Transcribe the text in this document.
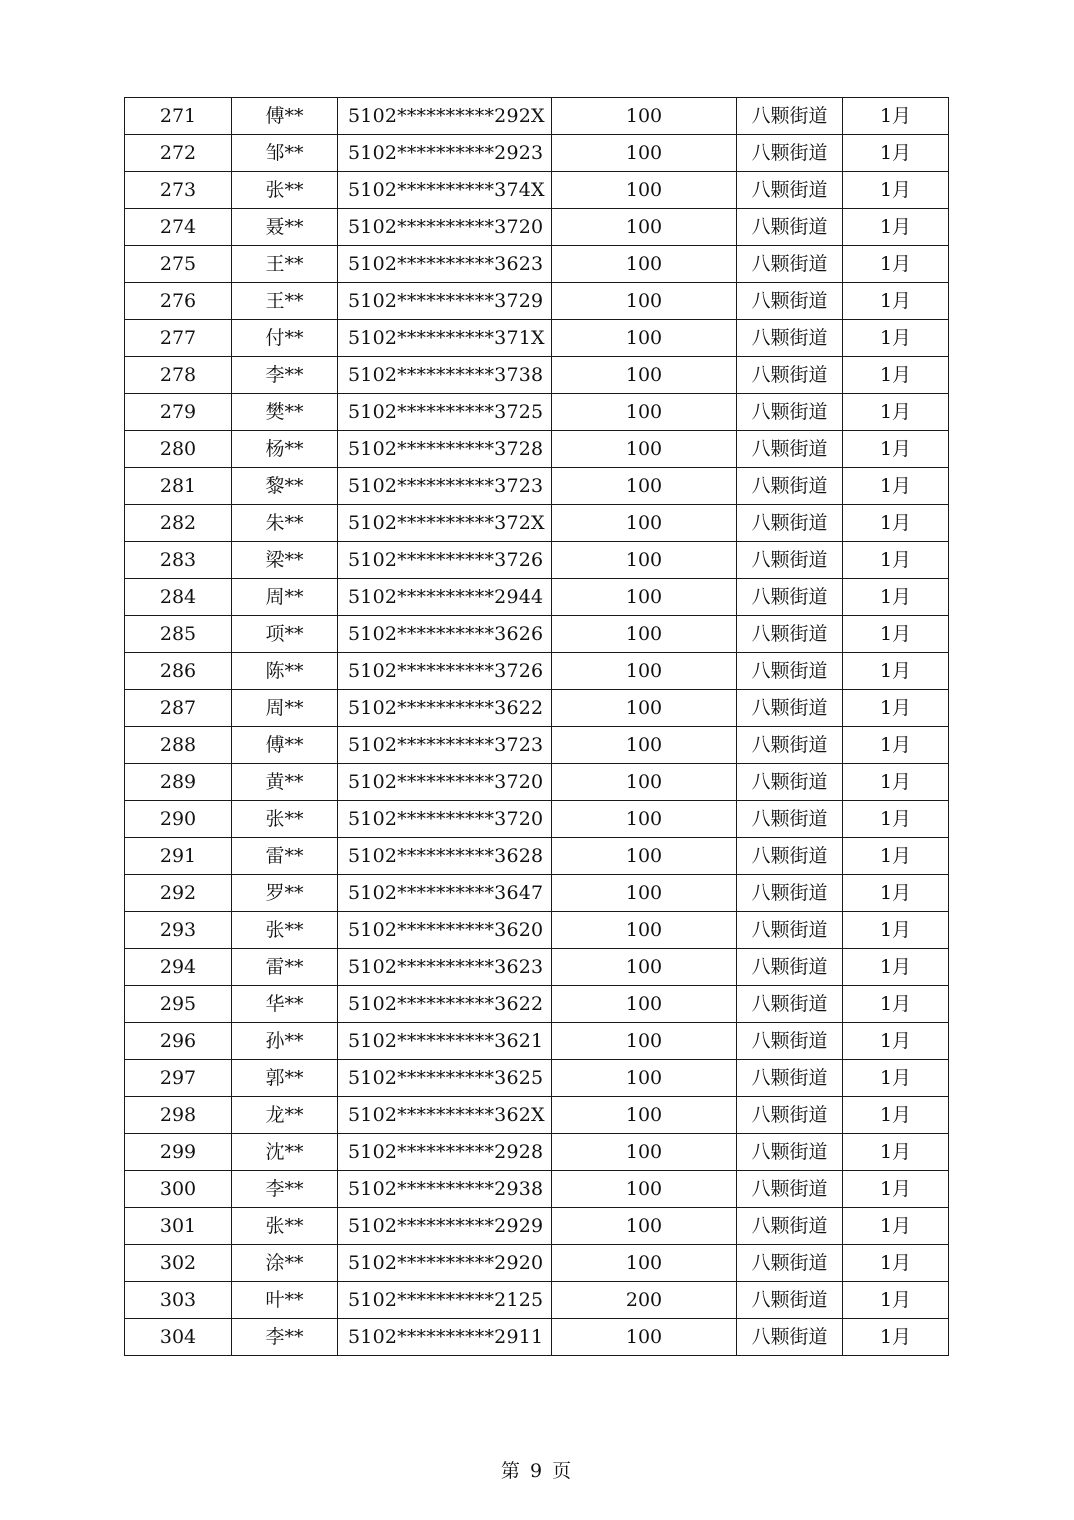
271	傅**	5102**********292X	100	八颗街道	1月
272	邹**	5102**********2923	100	八颗街道	1月
273	张**	5102**********374X	100	八颗街道	1月
274	聂**	5102**********3720	100	八颗街道	1月
275	王**	5102**********3623	100	八颗街道	1月
276	王**	5102**********3729	100	八颗街道	1月
277	付**	5102**********371X	100	八颗街道	1月
278	李**	5102**********3738	100	八颗街道	1月
279	樊**	5102**********3725	100	八颗街道	1月
280	杨**	5102**********3728	100	八颗街道	1月
281	黎**	5102**********3723	100	八颗街道	1月
282	朱**	5102**********372X	100	八颗街道	1月
283	梁**	5102**********3726	100	八颗街道	1月
284	周**	5102**********2944	100	八颗街道	1月
285	项**	5102**********3626	100	八颗街道	1月
286	陈**	5102**********3726	100	八颗街道	1月
287	周**	5102**********3622	100	八颗街道	1月
288	傅**	5102**********3723	100	八颗街道	1月
289	黄**	5102**********3720	100	八颗街道	1月
290	张**	5102**********3720	100	八颗街道	1月
291	雷**	5102**********3628	100	八颗街道	1月
292	罗**	5102**********3647	100	八颗街道	1月
293	张**	5102**********3620	100	八颗街道	1月
294	雷**	5102**********3623	100	八颗街道	1月
295	华**	5102**********3622	100	八颗街道	1月
296	孙**	5102**********3621	100	八颗街道	1月
297	郭**	5102**********3625	100	八颗街道	1月
298	龙**	5102**********362X	100	八颗街道	1月
299	沈**	5102**********2928	100	八颗街道	1月
300	李**	5102**********2938	100	八颗街道	1月
301	张**	5102**********2929	100	八颗街道	1月
302	涂**	5102**********2920	100	八颗街道	1月
303	叶**	5102**********2125	200	八颗街道	1月
304	李**	5102**********2911	100	八颗街道	1月
第 9 页
